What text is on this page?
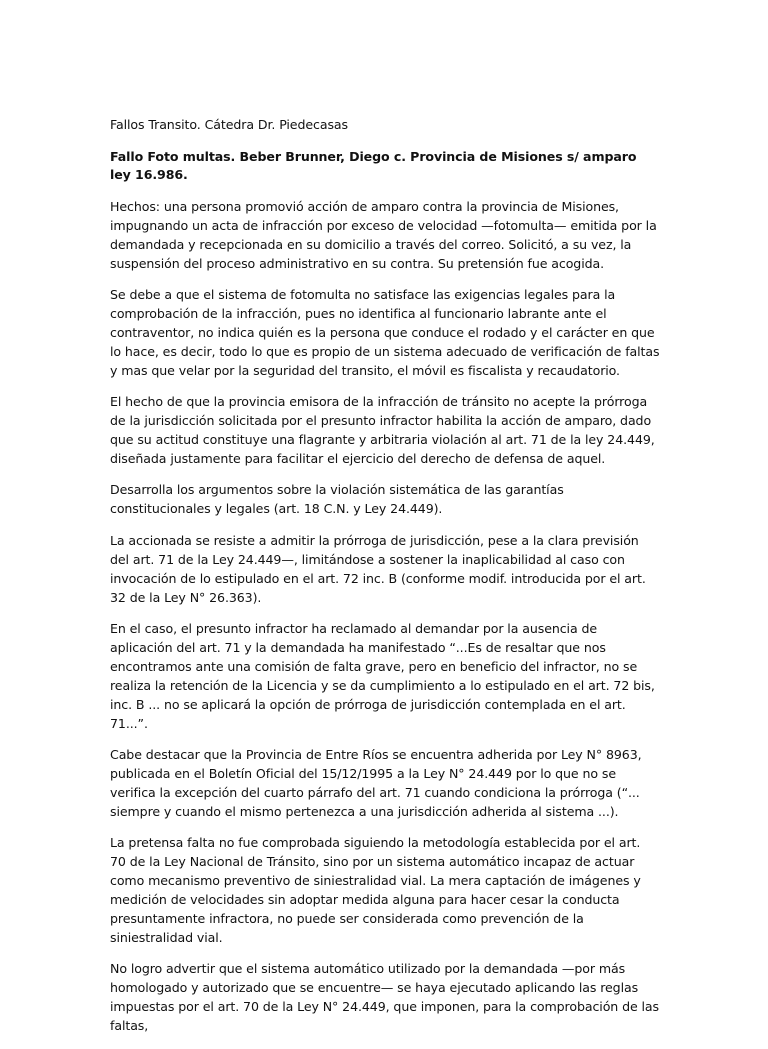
Fallos Transito. Cátedra Dr. Piedecasas

Fallo Foto multas. Beber Brunner, Diego c. Provincia de Misiones s/ amparo ley 16.986.

Hechos: una persona promovió acción de amparo contra la provincia de Misiones, impugnando un acta de infracción por exceso de velocidad —fotomulta— emitida por la demandada y recepcionada en su domicilio a través del correo. Solicitó, a su vez, la suspensión del proceso administrativo en su contra. Su pretensión fue acogida.

Se debe a que el sistema de fotomulta no satisface las exigencias legales para la comprobación de la infracción, pues no identifica al funcionario labrante ante el contraventor, no indica quién es la persona que conduce el rodado y el carácter en que lo hace, es decir, todo lo que es propio de un sistema adecuado de verificación de faltas y mas que velar por la seguridad del transito, el móvil es fiscalista y recaudatorio.

El hecho de que la provincia emisora de la infracción de tránsito no acepte la prórroga de la jurisdicción solicitada por el presunto infractor habilita la acción de amparo, dado que su actitud constituye una flagrante y arbitraria violación al art. 71 de la ley 24.449, diseñada justamente para facilitar el ejercicio del derecho de defensa de aquel.

Desarrolla los argumentos sobre la violación sistemática de las garantías constitucionales y legales (art. 18 C.N. y Ley 24.449).

La accionada se resiste a admitir la prórroga de jurisdicción, pese a la clara previsión del art. 71 de la Ley 24.449—, limitándose a sostener la inaplicabilidad al caso con invocación de lo estipulado en el art. 72 inc. B (conforme modif. introducida por el art. 32 de la Ley N° 26.363).

En el caso, el presunto infractor ha reclamado al demandar por la ausencia de aplicación del art. 71 y la demandada ha manifestado “...Es de resaltar que nos encontramos ante una comisión de falta grave, pero en beneficio del infractor, no se realiza la retención de la Licencia y se da cumplimiento a lo estipulado en el art. 72 bis, inc. B ... no se aplicará la opción de prórroga de jurisdicción contemplada en el art. 71...”.

Cabe destacar que la Provincia de Entre Ríos se encuentra adherida por Ley N° 8963, publicada en el Boletín Oficial del 15/12/1995 a la Ley N° 24.449 por lo que no se verifica la excepción del cuarto párrafo del art. 71 cuando condiciona la prórroga (“... siempre y cuando el mismo pertenezca a una jurisdicción adherida al sistema ...).

La pretensa falta no fue comprobada siguiendo la metodología establecida por el art. 70 de la Ley Nacional de Tránsito, sino por un sistema automático incapaz de actuar como mecanismo preventivo de siniestralidad vial. La mera captación de imágenes y medición de velocidades sin adoptar medida alguna para hacer cesar la conducta presuntamente infractora, no puede ser considerada como prevención de la siniestralidad vial.

No logro advertir que el sistema automático utilizado por la demandada —por más homologado y autorizado que se encuentre— se haya ejecutado aplicando las reglas impuestas por el art. 70 de la Ley N° 24.449, que imponen, para la comprobación de las faltas,
